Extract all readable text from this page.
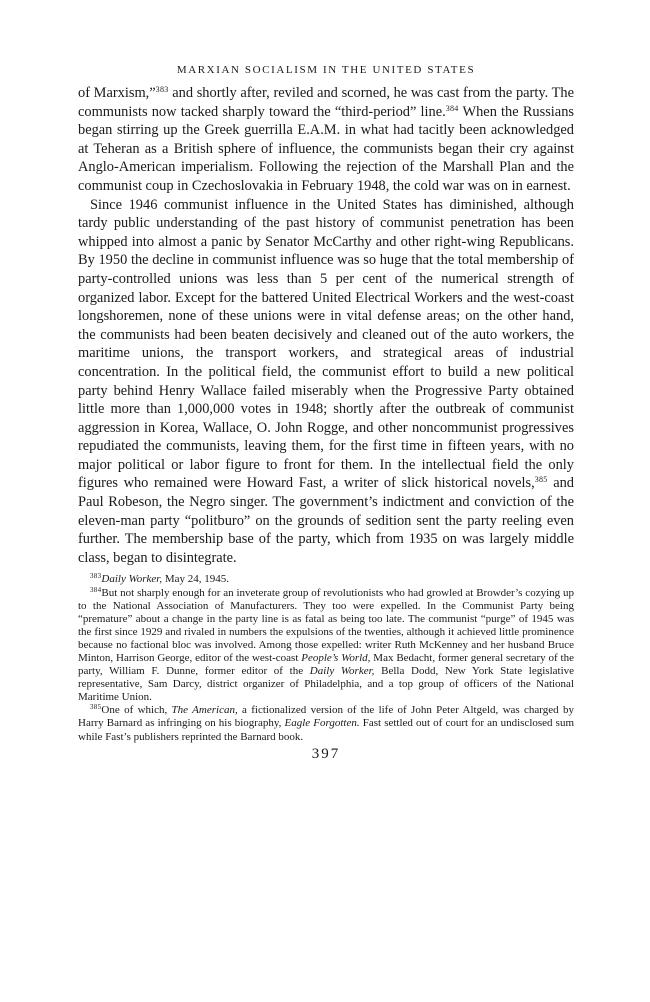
MARXIAN SOCIALISM IN THE UNITED STATES

of Marxism,”$^{383}$ and shortly after, reviled and scorned, he was cast from the party. The communists now tacked sharply toward the “third-period” line.$^{384}$ When the Russians began stirring up the Greek guerrilla E.A.M. in what had tacitly been acknowledged at Teheran as a British sphere of influence, the communists began their cry against Anglo-American imperialism. Following the rejection of the Marshall Plan and the communist coup in Czechoslovakia in February 1948, the cold war was on in earnest.

Since 1946 communist influence in the United States has diminished, although tardy public understanding of the past history of communist penetration has been whipped into almost a panic by Senator McCarthy and other right-wing Republicans. By 1950 the decline in communist influence was so huge that the total membership of party-controlled unions was less than 5 per cent of the numerical strength of organized labor. Except for the battered United Electrical Workers and the west-coast longshoremen, none of these unions were in vital defense areas; on the other hand, the communists had been beaten decisively and cleaned out of the auto workers, the maritime unions, the transport workers, and strategical areas of industrial concentration. In the political field, the communist effort to build a new political party behind Henry Wallace failed miserably when the Progressive Party obtained little more than 1,000,000 votes in 1948; shortly after the outbreak of communist aggression in Korea, Wallace, O. John Rogge, and other noncommunist progressives repudiated the communists, leaving them, for the first time in fifteen years, with no major political or labor figure to front for them. In the intellectual field the only figures who remained were Howard Fast, a writer of slick historical novels,$^{385}$ and Paul Robeson, the Negro singer. The government’s indictment and conviction of the eleven-man party “politburo” on the grounds of sedition sent the party reeling even further. The membership base of the party, which from 1935 on was largely middle class, began to disintegrate.

$^{383}$Daily Worker, May 24, 1945.

$^{384}$But not sharply enough for an inveterate group of revolutionists who had growled at Browder’s cozying up to the National Association of Manufacturers. They too were expelled. In the Communist Party being “premature” about a change in the party line is as fatal as being too late. The communist “purge” of 1945 was the first since 1929 and rivaled in numbers the expulsions of the twenties, although it achieved little prominence because no factional bloc was involved. Among those expelled: writer Ruth McKenney and her husband Bruce Minton, Harrison George, editor of the west-coast People’s World, Max Bedacht, former general secretary of the party, William F. Dunne, former editor of the Daily Worker, Bella Dodd, New York State legislative representative, Sam Darcy, district organizer of Philadelphia, and a top group of officers of the National Maritime Union.

$^{385}$One of which, The American, a fictionalized version of the life of John Peter Altgeld, was charged by Harry Barnard as infringing on his biography, Eagle Forgotten. Fast settled out of court for an undisclosed sum while Fast’s publishers reprinted the Barnard book.

397
